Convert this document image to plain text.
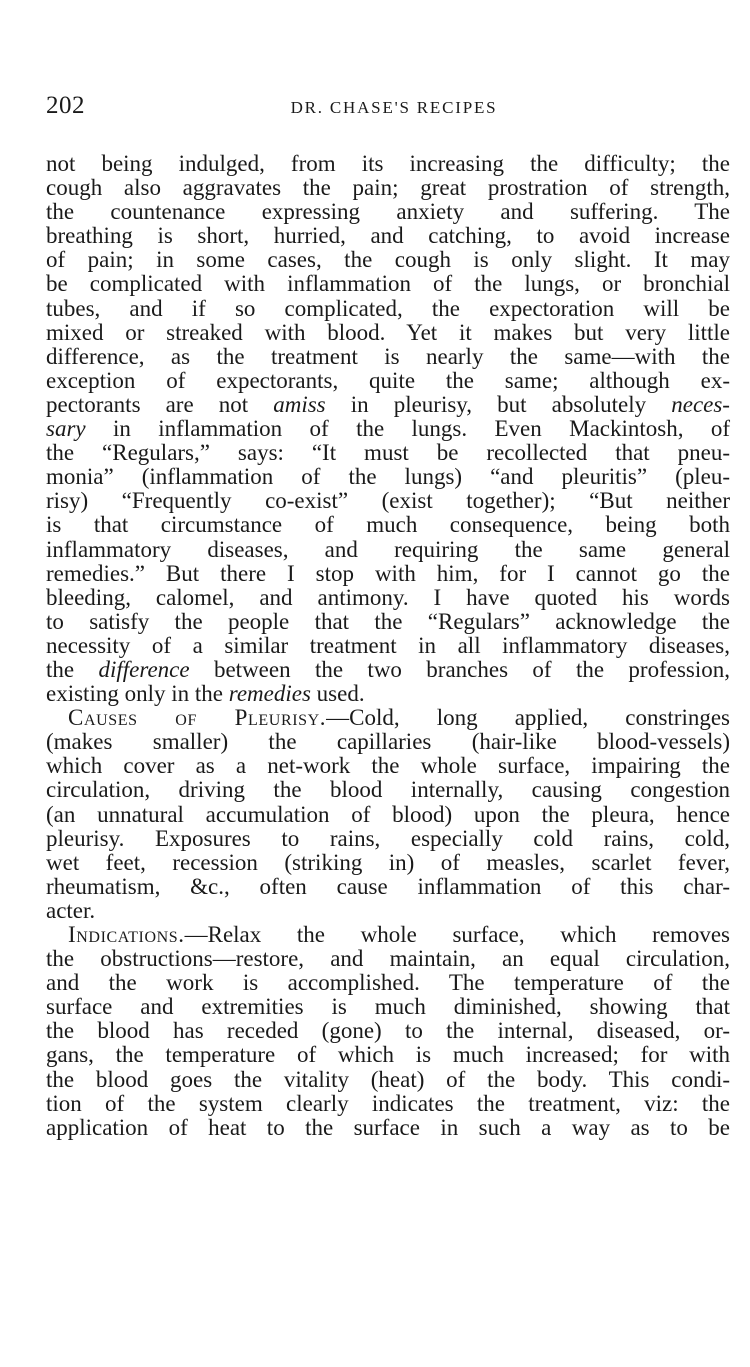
202	DR. CHASE'S RECIPES
not being indulged, from its increasing the difficulty; the
cough also aggravates the pain; great prostration of strength,
the countenance expressing anxiety and suffering. The
breathing is short, hurried, and catching, to avoid increase
of pain; in some cases, the cough is only slight. It may
be complicated with inflammation of the lungs, or bronchial
tubes, and if so complicated, the expectoration will be
mixed or streaked with blood. Yet it makes but very little
difference, as the treatment is nearly the same—with the
exception of expectorants, quite the same; although ex-
pectorants are not amiss in pleurisy, but absolutely neces-
sary in inflammation of the lungs. Even Mackintosh, of
the “Regulars,” says: “It must be recollected that pneu-
monia” (inflammation of the lungs) “and pleuritis” (pleu-
risy) “Frequently co-exist” (exist together); “But neither
is that circumstance of much consequence, being both
inflammatory diseases, and requiring the same general
remedies.” But there I stop with him, for I cannot go the
bleeding, calomel, and antimony. I have quoted his words
to satisfy the people that the “Regulars” acknowledge the
necessity of a similar treatment in all inflammatory diseases,
the difference between the two branches of the profession,
existing only in the remedies used.
Causes of Pleurisy.—Cold, long applied, constringes
(makes smaller) the capillaries (hair-like blood-vessels)
which cover as a net-work the whole surface, impairing the
circulation, driving the blood internally, causing congestion
(an unnatural accumulation of blood) upon the pleura, hence
pleurisy. Exposures to rains, especially cold rains, cold,
wet feet, recession (striking in) of measles, scarlet fever,
rheumatism, &c., often cause inflammation of this char-
acter.
Indications.—Relax the whole surface, which removes
the obstructions—restore, and maintain, an equal circulation,
and the work is accomplished. The temperature of the
surface and extremities is much diminished, showing that
the blood has receded (gone) to the internal, diseased, or-
gans, the temperature of which is much increased; for with
the blood goes the vitality (heat) of the body. This condi-
tion of the system clearly indicates the treatment, viz: the
application of heat to the surface in such a way as to be
